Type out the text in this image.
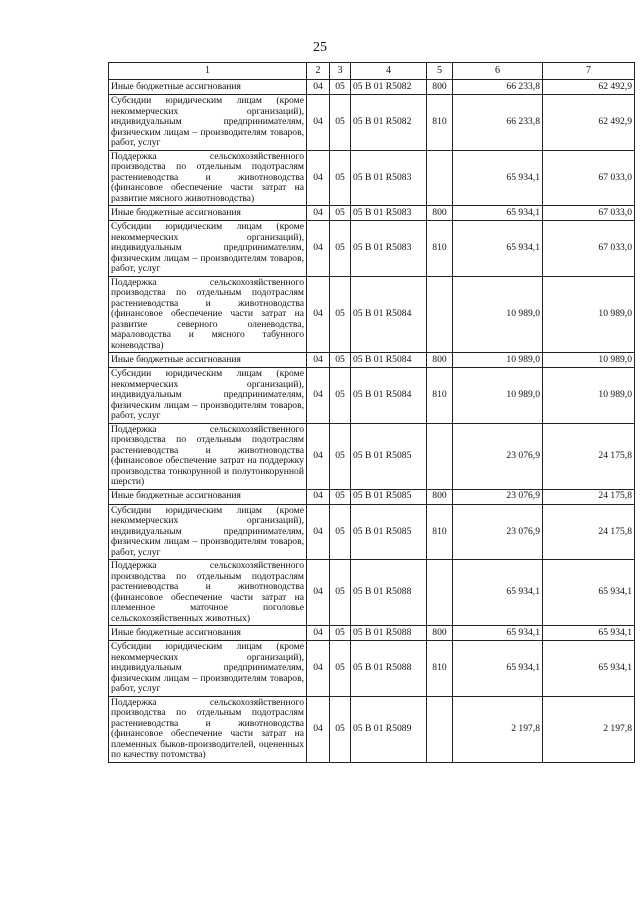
25
1	2	3	4	5	6	7
Иные бюджетные ассигнования	04	05	05 В 01 R5082	800	66 233,8	62 492,9
Субсидии юридическим лицам (кроме некоммерческих организаций), индивидуальным предпринимателям, физическим лицам – производителям товаров, работ, услуг	04	05	05 В 01 R5082	810	66 233,8	62 492,9
Поддержка сельскохозяйственного производства по отдельным подотраслям растениеводства и животноводства (финансовое обеспечение части затрат на развитие мясного животноводства)	04	05	05 В 01 R5083		65 934,1	67 033,0
Иные бюджетные ассигнования	04	05	05 В 01 R5083	800	65 934,1	67 033,0
Субсидии юридическим лицам (кроме некоммерческих организаций), индивидуальным предпринимателям, физическим лицам – производителям товаров, работ, услуг	04	05	05 В 01 R5083	810	65 934,1	67 033,0
Поддержка сельскохозяйственного производства по отдельным подотраслям растениеводства и животноводства (финансовое обеспечение части затрат на развитие северного оленеводства, мараловодства и мясного табунного коневодства)	04	05	05 В 01 R5084		10 989,0	10 989,0
Иные бюджетные ассигнования	04	05	05 В 01 R5084	800	10 989,0	10 989,0
Субсидии юридическим лицам (кроме некоммерческих организаций), индивидуальным предпринимателям, физическим лицам – производителям товаров, работ, услуг	04	05	05 В 01 R5084	810	10 989,0	10 989,0
Поддержка сельскохозяйственного производства по отдельным подотраслям растениеводства и животноводства (финансовое обеспечение затрат на поддержку производства тонкорунной и полутонкорунной шерсти)	04	05	05 В 01 R5085		23 076,9	24 175,8
Иные бюджетные ассигнования	04	05	05 В 01 R5085	800	23 076,9	24 175,8
Субсидии юридическим лицам (кроме некоммерческих организаций), индивидуальным предпринимателям, физическим лицам – производителям товаров, работ, услуг	04	05	05 В 01 R5085	810	23 076,9	24 175,8
Поддержка сельскохозяйственного производства по отдельным подотраслям растениеводства и животноводства (финансовое обеспечение части затрат на племенное маточное поголовье сельскохозяйственных животных)	04	05	05 В 01 R5088		65 934,1	65 934,1
Иные бюджетные ассигнования	04	05	05 В 01 R5088	800	65 934,1	65 934,1
Субсидии юридическим лицам (кроме некоммерческих организаций), индивидуальным предпринимателям, физическим лицам – производителям товаров, работ, услуг	04	05	05 В 01 R5088	810	65 934,1	65 934,1
Поддержка сельскохозяйственного производства по отдельным подотраслям растениеводства и животноводства (финансовое обеспечение части затрат на племенных быков-производителей, оцененных по качеству потомства)	04	05	05 В 01 R5089		2 197,8	2 197,8
